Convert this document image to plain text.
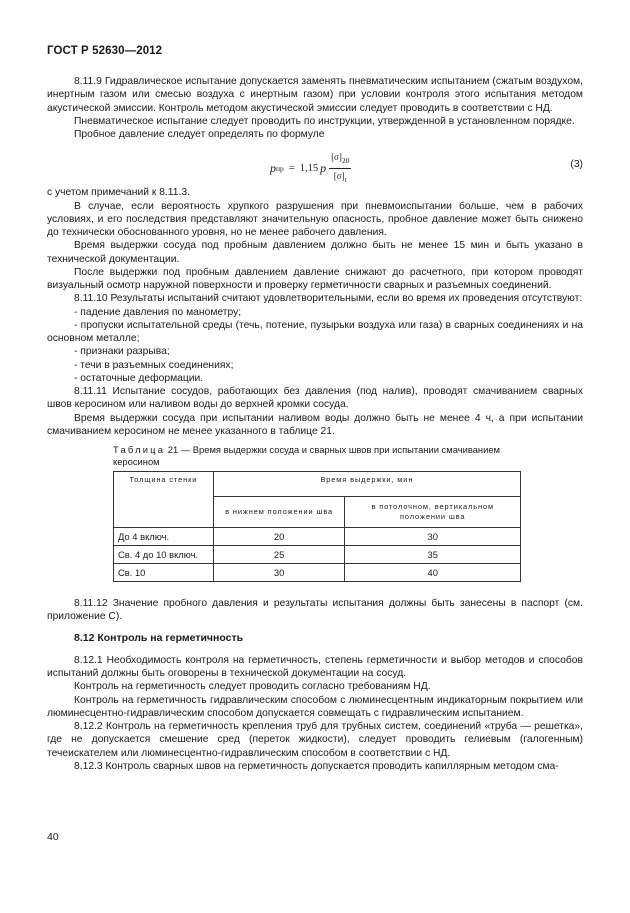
ГОСТ Р 52630—2012

8.11.9 Гидравлическое испытание допускается заменять пневматическим испытанием (сжатым воздухом, инертным газом или смесью воздуха с инертным газом) при условии контроля этого испытания методом акустической эмиссии. Контроль методом акустической эмиссии следует проводить в соответствии с НД.

Пневматическое испытание следует проводить по инструкции, утвержденной в установленном порядке.

Пробное давление следует определять по формуле

p пр = 1,15 p $\frac{[\sigma]_{20}}{[\sigma]_t}$	(3)

с учетом примечаний к 8.11.3.

В случае, если вероятность хрупкого разрушения при пневмоиспытании больше, чем в рабочих условиях, и его последствия представляют значительную опасность, пробное давление может быть снижено до технически обоснованного уровня, но не менее рабочего давления.

Время выдержки сосуда под пробным давлением должно быть не менее 15 мин и быть указано в технической документации.

После выдержки под пробным давлением давление снижают до расчетного, при котором проводят визуальный осмотр наружной поверхности и проверку герметичности сварных и разъемных соединений.

8.11.10 Результаты испытаний считают удовлетворительными, если во время их проведения отсутствуют:

- падение давления по манометру;

- пропуски испытательной среды (течь, потение, пузырьки воздуха или газа) в сварных соединениях и на основном металле;

- признаки разрыва;

- течи в разъемных соединениях;

- остаточные деформации.

8.11.11 Испытание сосудов, работающих без давления (под налив), проводят смачиванием сварных швов керосином или наливом воды до верхней кромки сосуда.

Время выдержки сосуда при испытании наливом воды должно быть не менее 4 ч, а при испытании смачиванием керосином не менее указанного в таблице 21.

Таблица 21 — Время выдержки сосуда и сварных швов при испытании смачиванием керосином
Толщина стенки	Время выдержки, мин	
	в нижнем положении шва	в потолочном, вертикальном положении шва
До 4 включ.	20	30
Св. 4 до 10 включ.	25	35
Св. 10	30	40

8.11.12 Значение пробного давления и результаты испытания должны быть занесены в паспорт (см. приложение С).

8.12 Контроль на герметичность

8.12.1 Необходимость контроля на герметичность, степень герметичности и выбор методов и способов испытаний должны быть оговорены в технической документации на сосуд.

Контроль на герметичность следует проводить согласно требованиям НД.

Контроль на герметичность гидравлическим способом с люминесцентным индикаторным покрытием или люминесцентно-гидравлическим способом допускается совмещать с гидравлическим испытанием.

8.12.2 Контроль на герметичность крепления труб для трубных систем, соединений «труба — решетка», где не допускается смешение сред (переток жидкости), следует проводить гелиевым (галогенным) течеискателем или люминесцентно-гидравлическим способом в соответствии с НД.

8.12.3 Контроль сварных швов на герметичность допускается проводить капиллярным методом сма-

40
